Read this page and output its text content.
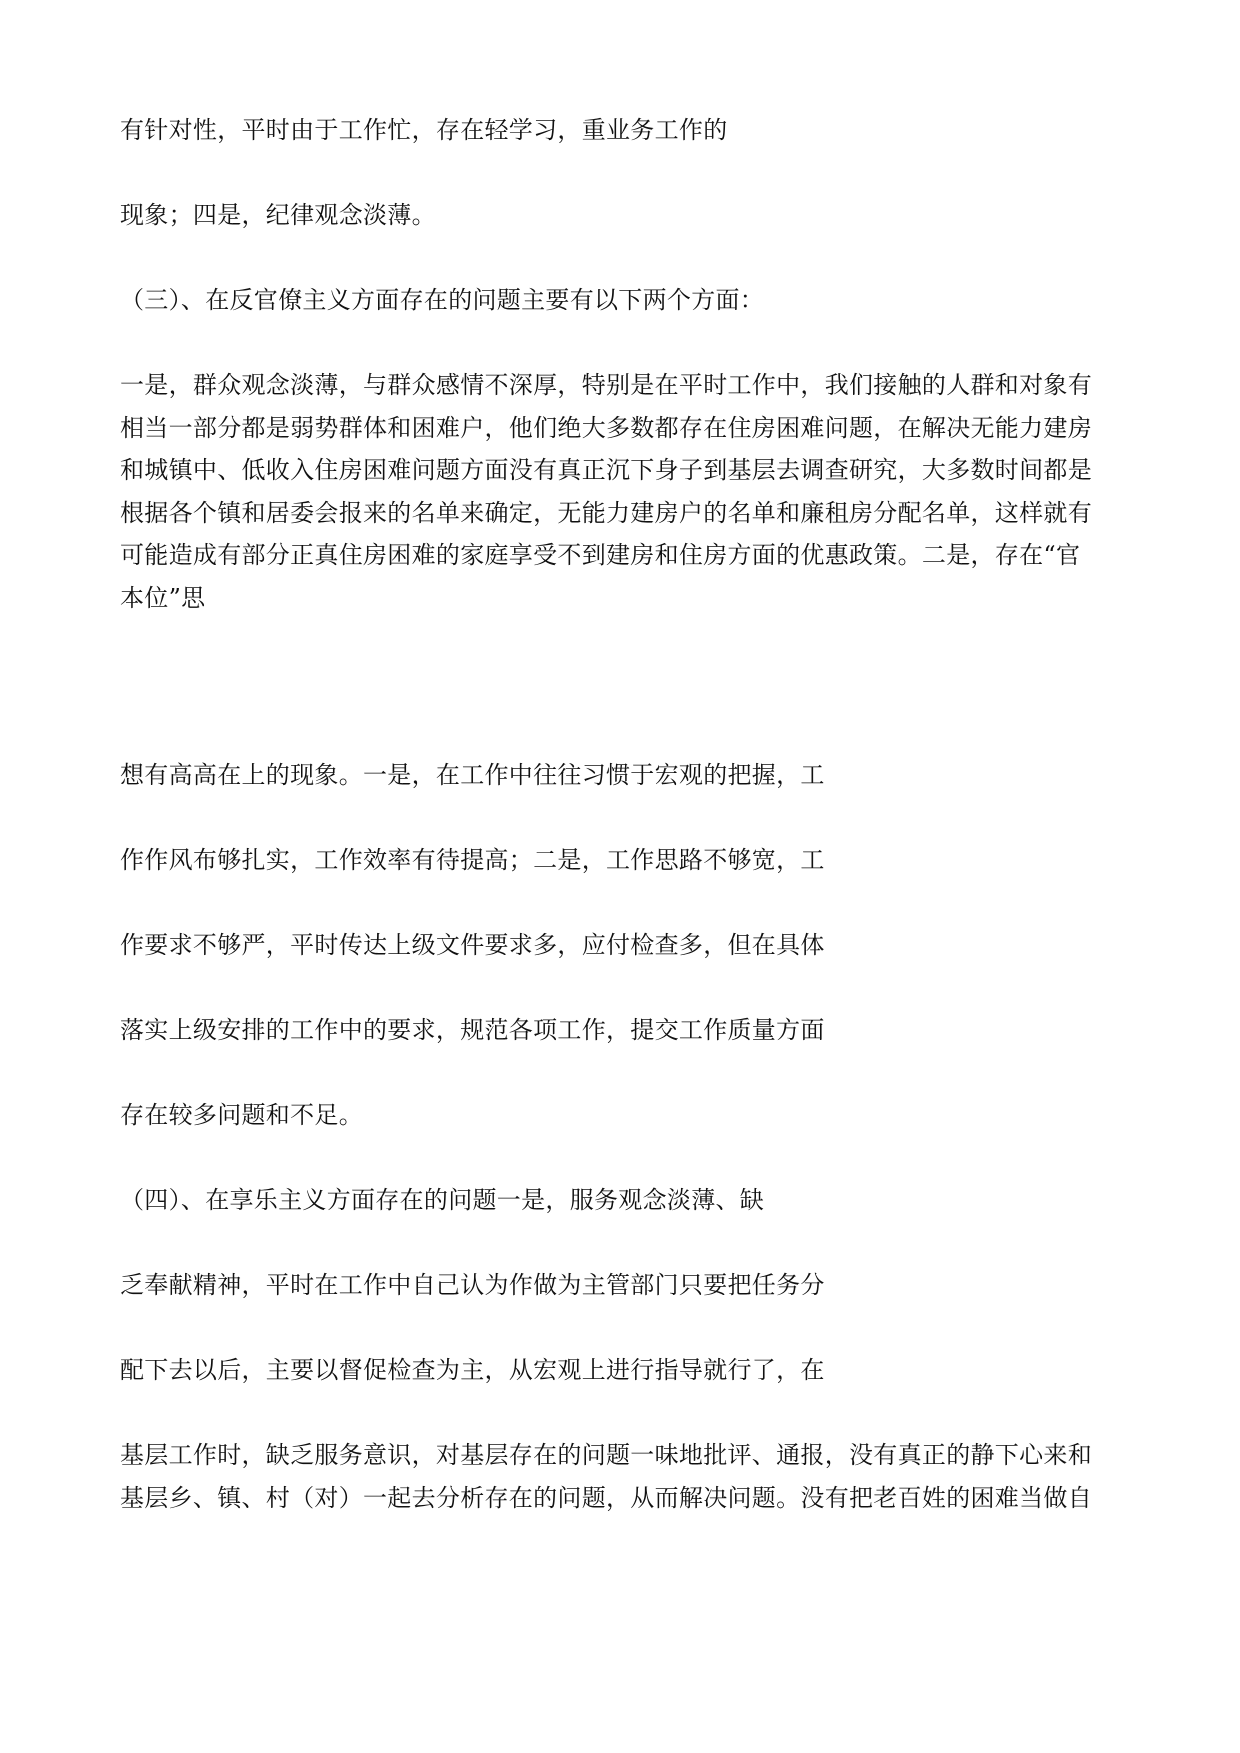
有针对性，平时由于工作忙，存在轻学习，重业务工作的

现象；四是，纪律观念淡薄。

（三）、在反官僚主义方面存在的问题主要有以下两个方面：

一是，群众观念淡薄，与群众感情不深厚，特别是在平时工作中，我们接触的人群和对象有

相当一部分都是弱势群体和困难户，他们绝大多数都存在住房困难问题，在解决无能力建房

和城镇中、低收入住房困难问题方面没有真正沉下身子到基层去调查研究，大多数时间都是

根据各个镇和居委会报来的名单来确定，无能力建房户的名单和廉租房分配名单，这样就有

可能造成有部分正真住房困难的家庭享受不到建房和住房方面的优惠政策。二是，存在“官

本位”思

想有高高在上的现象。一是，在工作中往往习惯于宏观的把握，工

作作风布够扎实，工作效率有待提高；二是，工作思路不够宽，工

作要求不够严，平时传达上级文件要求多，应付检查多，但在具体

落实上级安排的工作中的要求，规范各项工作，提交工作质量方面

存在较多问题和不足。

（四）、在享乐主义方面存在的问题一是，服务观念淡薄、缺

乏奉献精神，平时在工作中自己认为作做为主管部门只要把任务分

配下去以后，主要以督促检查为主，从宏观上进行指导就行了，在

基层工作时，缺乏服务意识，对基层存在的问题一味地批评、通报，没有真正的静下心来和

基层乡、镇、村（对）一起去分析存在的问题，从而解决问题。没有把老百姓的困难当做自
